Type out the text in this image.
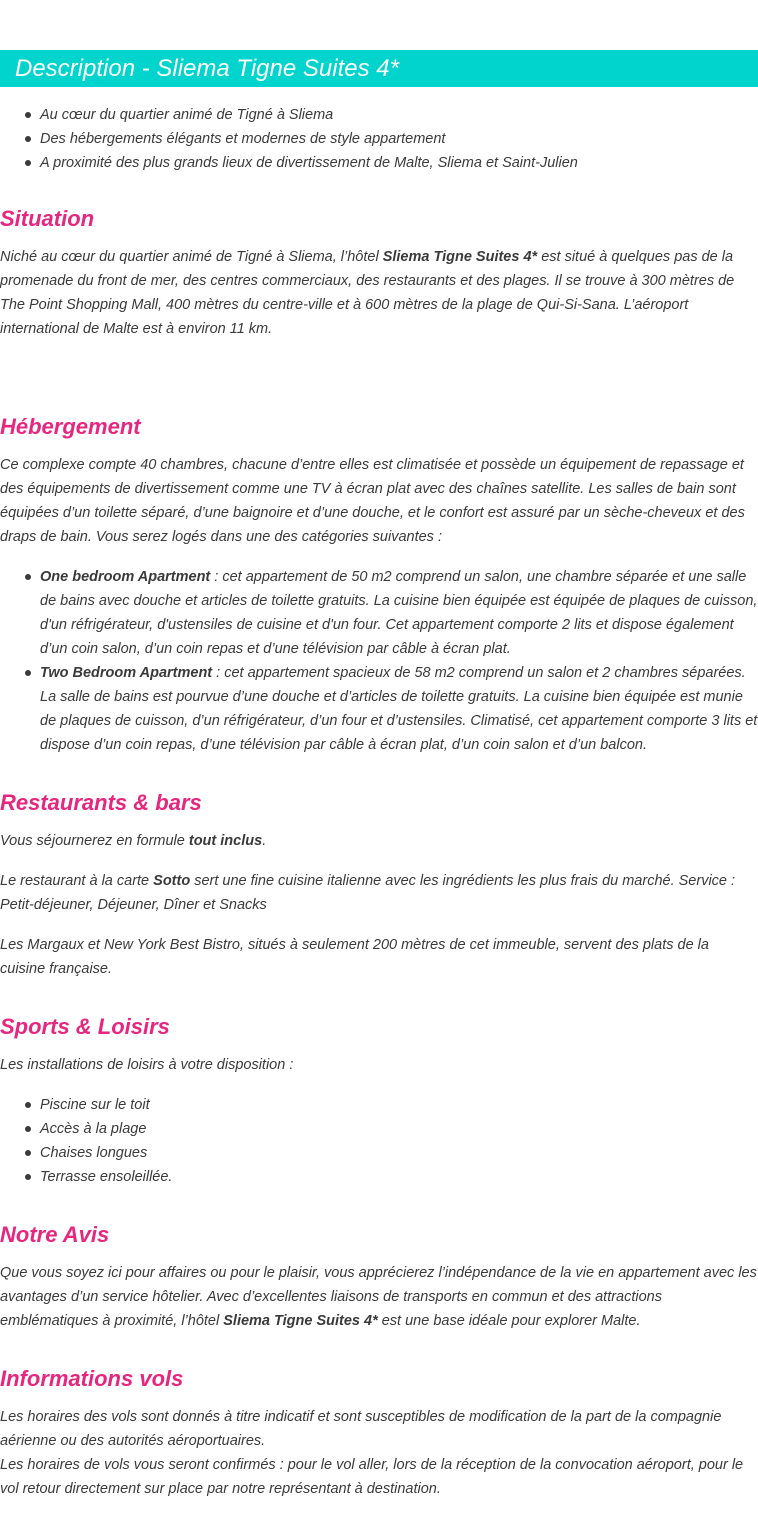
Description - Sliema Tigne Suites 4*
Au cœur du quartier animé de Tigné à Sliema
Des hébergements élégants et modernes de style appartement
A proximité des plus grands lieux de divertissement de Malte, Sliema et Saint-Julien
Situation

Niché au cœur du quartier animé de Tigné à Sliema, l’hôtel Sliema Tigne Suites 4* est situé à quelques pas de la promenade du front de mer, des centres commerciaux, des restaurants et des plages. Il se trouve à 300 mètres de The Point Shopping Mall, 400 mètres du centre-ville et à 600 mètres de la plage de Qui-Si-Sana. L’aéroport international de Malte est à environ 11 km.

Hébergement

Ce complexe compte 40 chambres, chacune d’entre elles est climatisée et possède un équipement de repassage et des équipements de divertissement comme une TV à écran plat avec des chaînes satellite. Les salles de bain sont équipées d’un toilette séparé, d’une baignoire et d’une douche, et le confort est assuré par un sèche-cheveux et des draps de bain. Vous serez logés dans une des catégories suivantes :

One bedroom Apartment : cet appartement de 50 m2 comprend un salon, une chambre séparée et une salle de bains avec douche et articles de toilette gratuits. La cuisine bien équipée est équipée de plaques de cuisson, d'un réfrigérateur, d'ustensiles de cuisine et d'un four. Cet appartement comporte 2 lits et dispose également d’un coin salon, d’un coin repas et d’une télévision par câble à écran plat.
Two Bedroom Apartment : cet appartement spacieux de 58 m2 comprend un salon et 2 chambres séparées. La salle de bains est pourvue d’une douche et d’articles de toilette gratuits. La cuisine bien équipée est munie de plaques de cuisson, d’un réfrigérateur, d’un four et d’ustensiles. Climatisé, cet appartement comporte 3 lits et dispose d’un coin repas, d’une télévision par câble à écran plat, d’un coin salon et d’un balcon.
Restaurants & bars

Vous séjournerez en formule tout inclus.

Le restaurant à la carte Sotto sert une fine cuisine italienne avec les ingrédients les plus frais du marché. Service : Petit-déjeuner, Déjeuner, Dîner et Snacks

Les Margaux et New York Best Bistro, situés à seulement 200 mètres de cet immeuble, servent des plats de la cuisine française.

Sports & Loisirs

Les installations de loisirs à votre disposition :

Piscine sur le toit
Accès à la plage
Chaises longues
Terrasse ensoleillée.
Notre Avis

Que vous soyez ici pour affaires ou pour le plaisir, vous apprécierez l’indépendance de la vie en appartement avec les avantages d’un service hôtelier. Avec d’excellentes liaisons de transports en commun et des attractions emblématiques à proximité, l’hôtel Sliema Tigne Suites 4* est une base idéale pour explorer Malte.

Informations vols

Les horaires des vols sont donnés à titre indicatif et sont susceptibles de modification de la part de la compagnie aérienne ou des autorités aéroportuaires.

Les horaires de vols vous seront confirmés : pour le vol aller, lors de la réception de la convocation aéroport, pour le vol retour directement sur place par notre représentant à destination.
